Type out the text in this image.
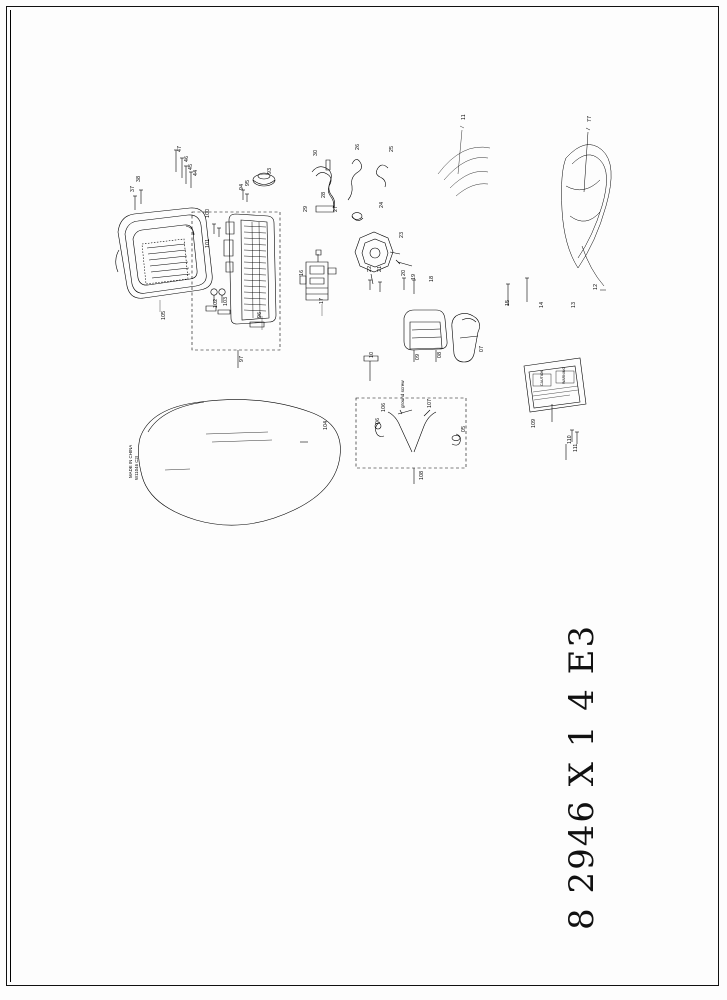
47
46
45
44
38
37
105
100
101
102 103
96
97
95
94
93
30
29
28
27
26	25
24
23
22 21
20
19 18
17
16
15	14	13
77
12
11
10	09	08
07
104
106	107
108
06
05
109
110
111
MADE IN CHINA W11046 C2I
ground screw
CAUTION	WARNING
8 2946 X 1 4 E3
